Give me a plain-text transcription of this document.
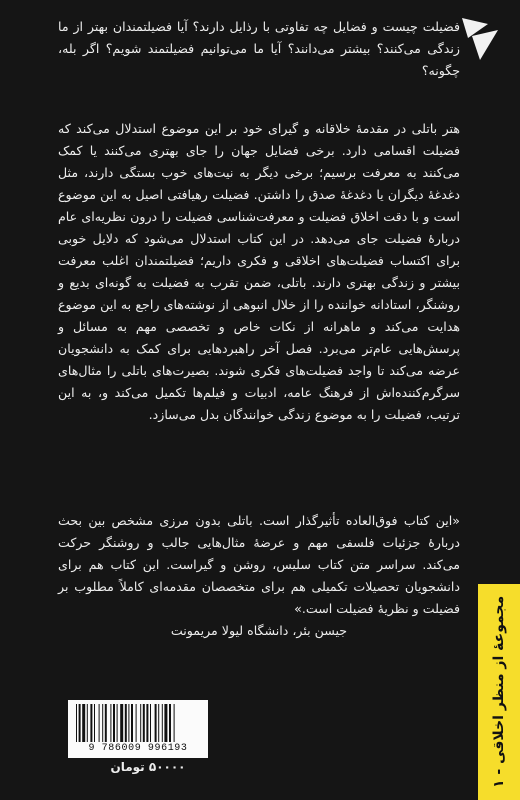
فضیلت چیست و فضایل چه تفاوتی با رذایل دارند؟ آیا فضیلتمندان بهتر از ما زندگی می‌کنند؟ بیشتر می‌دانند؟ آیا ما می‌توانیم فضیلتمند شویم؟ اگر بله، چگونه؟
هتر باتلی در مقدمهٔ خلاقانه و گیرای خود بر این موضوع استدلال می‌کند که فضیلت اقسامی دارد. برخی فضایل جهان را جای بهتری می‌کنند یا کمک می‌کنند به معرفت برسیم؛ برخی دیگر به نیت‌های خوب بستگی دارند، مثل دغدغهٔ دیگران یا دغدغهٔ صدق را داشتن. فضیلت رهیافتی اصیل به این موضوع است و با دقت اخلاق فضیلت و معرفت‌شناسی فضیلت را درون نظریه‌ای عام دربارهٔ فضیلت جای می‌دهد. در این کتاب استدلال می‌شود که دلایل خوبی برای اکتساب فضیلت‌های اخلاقی و فکری داریم؛ فضیلتمندان اغلب معرفت بیشتر و زندگی بهتری دارند. باتلی، ضمن تقرب به فضیلت به گونه‌ای بدیع و روشنگر، استادانه خواننده را از خلال انبوهی از نوشته‌های راجع به این موضوع هدایت می‌کند و ماهرانه از نکات خاص و تخصصی مهم به مسائل و پرسش‌هایی عام‌تر می‌برد. فصل آخر راهبردهایی برای کمک به دانشجویان عرضه می‌کند تا واجد فضیلت‌های فکری شوند. بصیرت‌های باتلی را مثال‌های سرگرم‌کننده‌اش از فرهنگ عامه، ادبیات و فیلم‌ها تکمیل می‌کند و، به این ترتیب، فضیلت را به موضوع زندگی خوانندگان بدل می‌سازد.

«این کتاب فوق‌العاده تأثیرگذار است. باتلی بدون مرزی مشخص بین بحث دربارهٔ جزئیات فلسفی مهم و عرضهٔ مثال‌هایی جالب و روشنگر حرکت می‌کند. سراسر متن کتاب سلیس، روشن و گیراست. این کتاب هم برای دانشجویان تحصیلات تکمیلی هم برای متخصصان مقدمه‌ای کاملاً مطلوب بر فضیلت و نظریهٔ فضیلت است.»

جیسن بئر، دانشگاه لیولا مریمونت

مجموعهٔ از منظر اخلاقی - ۱
9 786009 996193
۵۰۰۰۰ تومان
